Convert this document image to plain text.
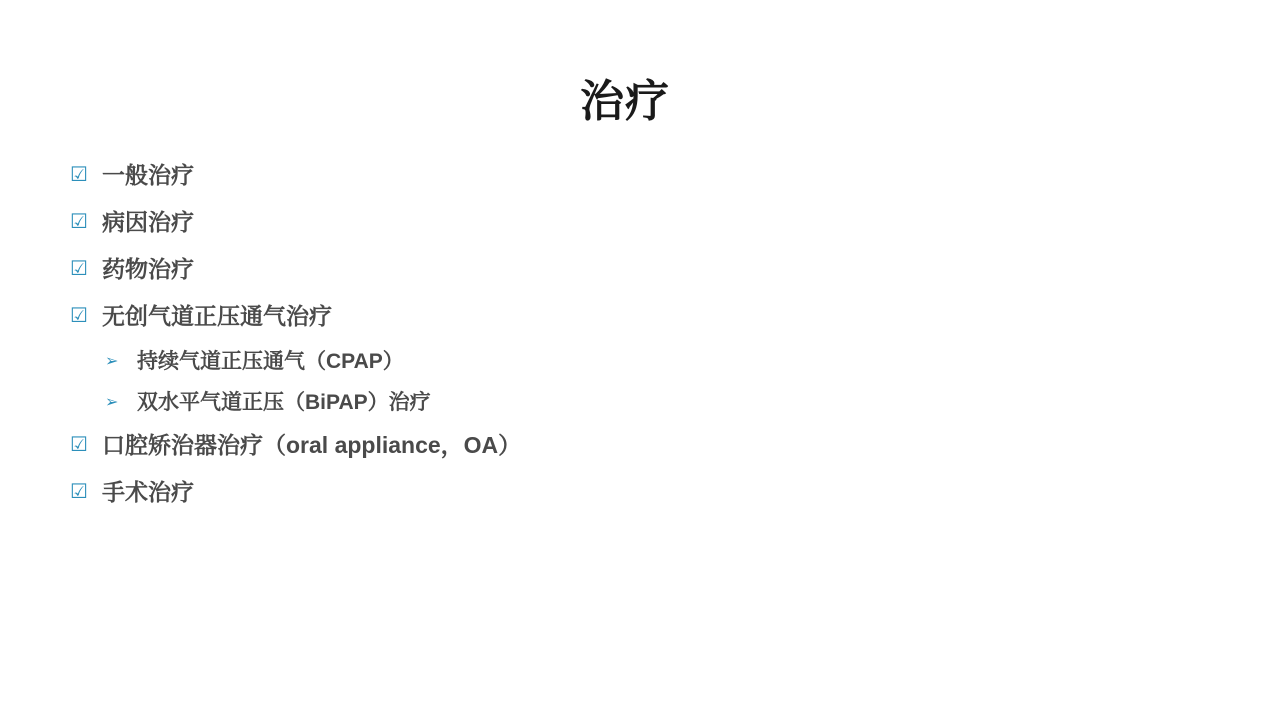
治疗
☑ 一般治疗
☑ 病因治疗
☑ 药物治疗
☑ 无创气道正压通气治疗
➢ 持续气道正压通气（CPAP）
➢ 双水平气道正压（BiPAP）治疗
☑ 口腔矫治器治疗（oral appliance，OA）
☑ 手术治疗
